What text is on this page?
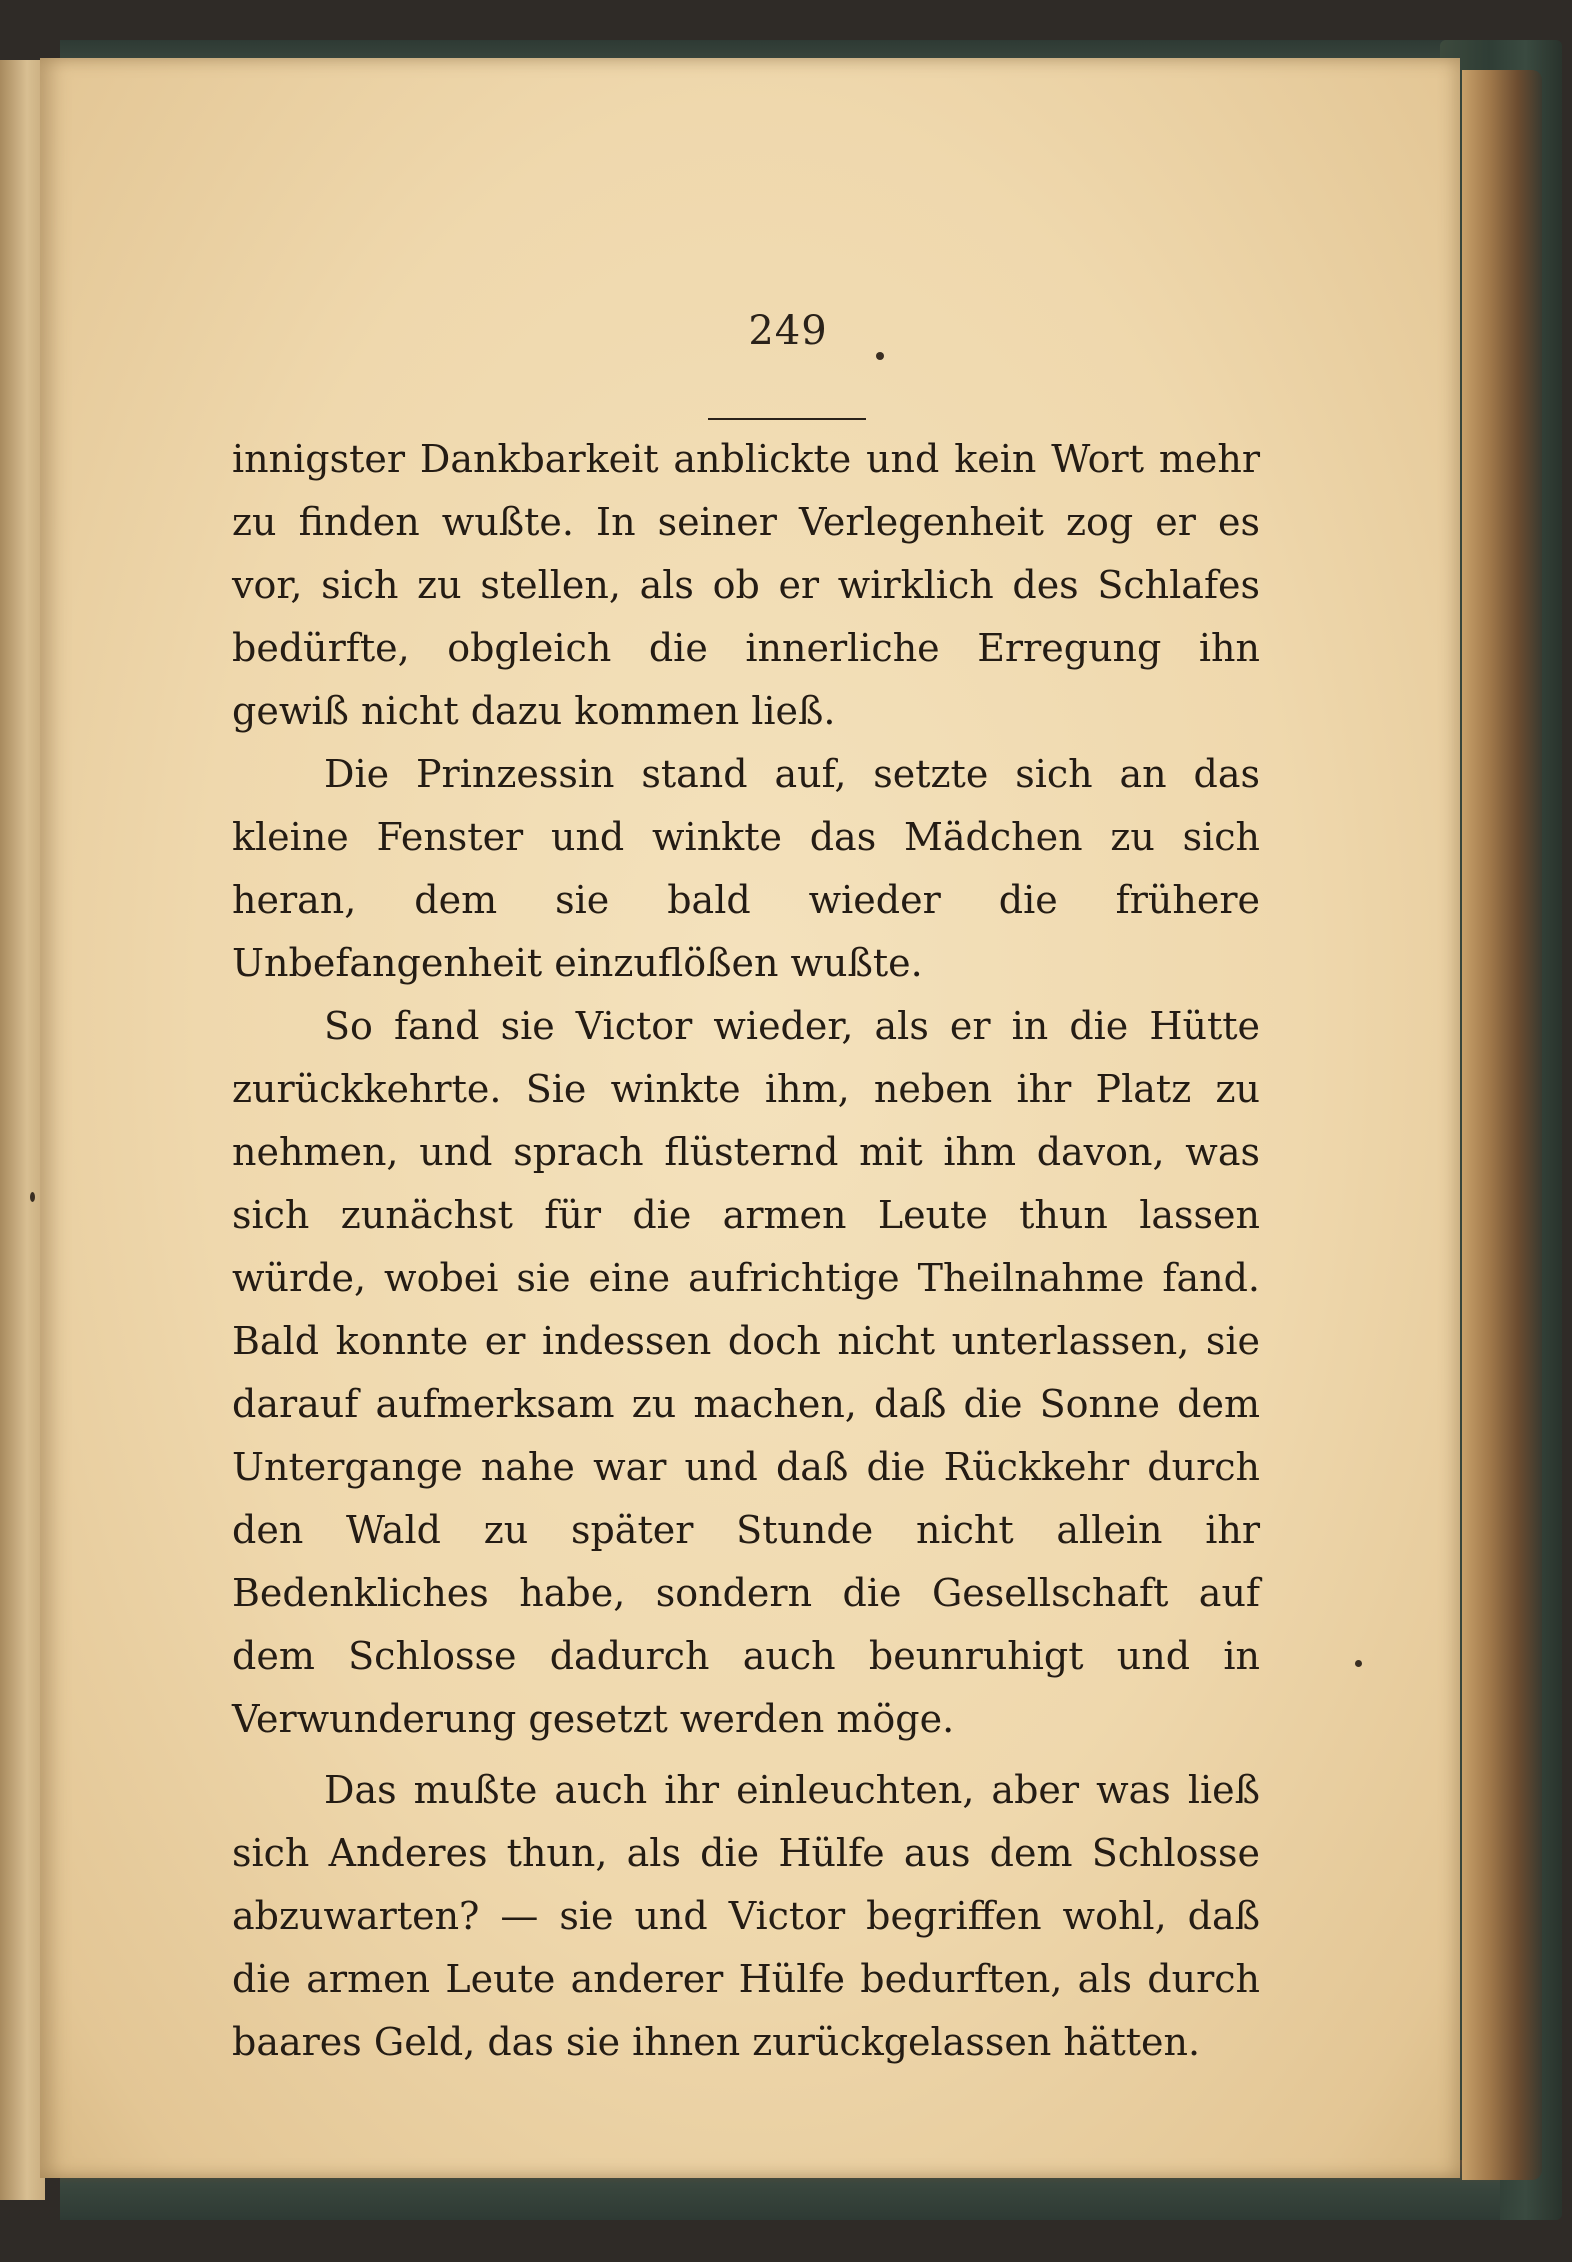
249

innigster Dankbarkeit anblickte und kein Wort mehr zu finden wußte. In seiner Verlegenheit zog er es vor, sich zu stellen, als ob er wirklich des Schlafes bedürfte, obgleich die innerliche Erregung ihn gewiß nicht dazu kommen ließ.

Die Prinzessin stand auf, setzte sich an das kleine Fenster und winkte das Mädchen zu sich heran, dem sie bald wieder die frühere Unbefangenheit einzuflößen wußte.

So fand sie Victor wieder, als er in die Hütte zurückkehrte. Sie winkte ihm, neben ihr Platz zu nehmen, und sprach flüsternd mit ihm davon, was sich zunächst für die armen Leute thun lassen würde, wobei sie eine aufrichtige Theilnahme fand. Bald konnte er indessen doch nicht unterlassen, sie darauf aufmerksam zu machen, daß die Sonne dem Untergange nahe war und daß die Rückkehr durch den Wald zu später Stunde nicht allein ihr Bedenkliches habe, sondern die Gesellschaft auf dem Schlosse dadurch auch beunruhigt und in Verwunderung gesetzt werden möge.

Das mußte auch ihr einleuchten, aber was ließ sich Anderes thun, als die Hülfe aus dem Schlosse abzuwarten? — sie und Victor begriffen wohl, daß die armen Leute anderer Hülfe bedurften, als durch baares Geld, das sie ihnen zurückgelassen hätten.
